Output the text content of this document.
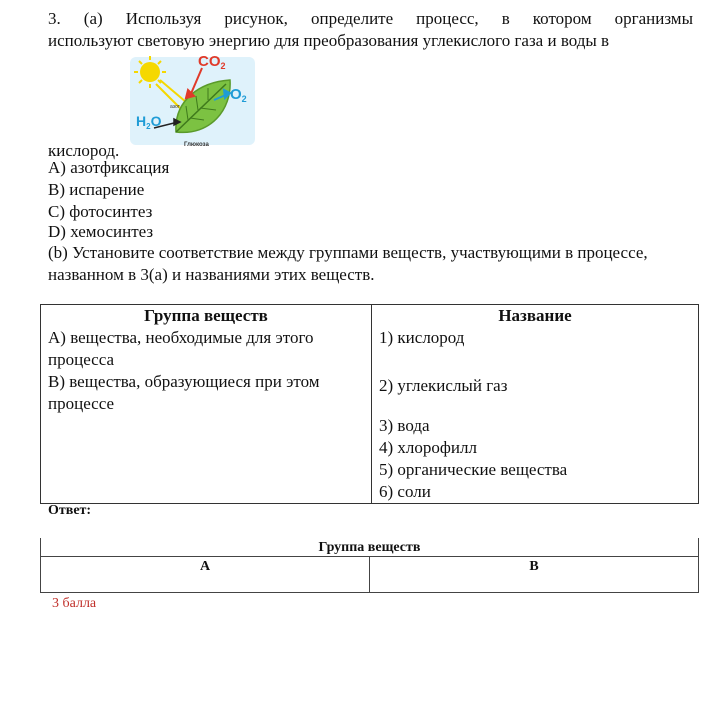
3. (a) Используя рисунок, определите процесс, в котором организмы
используют световую энергию для преобразования углекислого газа и воды в
$CO_2$
$O_2$
$H_2O$
азот
Глюкоза
кислород.
A) азотфиксация
B) испарение
C) фотосинтез
D) хемосинтез
(b) Установите соответствие между группами веществ, участвующими в процессе, названном в 3(a) и названиями этих веществ.
Группа веществ	Название
A) вещества, необходимые для этого процесса	1) кислород
B) вещества, образующиеся при этом процессе	2) углекислый газ
	3) вода
	4) хлорофилл
	5) органические вещества
	6) соли
Ответ:
Группа веществ
A	B
3 балла
